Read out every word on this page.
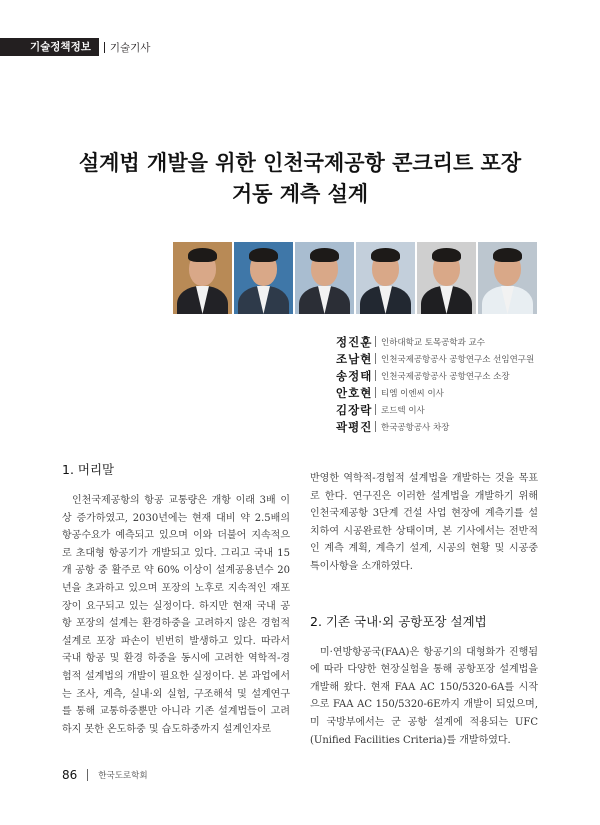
기술정책정보	기술기사
설계법 개발을 위한 인천국제공항 콘크리트 포장
거동 계측 설계
정진훈	인하대학교 토목공학과 교수
조남현	인천국제공항공사 공항연구소 선임연구원
송정태	인천국제공항공사 공항연구소 소장
안호현	티엠 이엔씨 이사
김장락	로드텍 이사
곽평진	한국공항공사 차장
1. 머리말

인천국제공항의 항공 교통량은 개항 이래 3배 이상 증가하였고, 2030년에는 현재 대비 약 2.5배의 항공수요가 예측되고 있으며 이와 더불어 지속적으로 초대형 항공기가 개발되고 있다. 그리고 국내 15개 공항 중 활주로 약 60% 이상이 설계공용년수 20년을 초과하고 있으며 포장의 노후로 지속적인 재포장이 요구되고 있는 실정이다. 하지만 현재 국내 공항 포장의 설계는 환경하중을 고려하지 않은 경험적 설계로 포장 파손이 빈번히 발생하고 있다. 따라서 국내 항공 및 환경 하중을 동시에 고려한 역학적-경험적 설계법의 개발이 필요한 실정이다. 본 과업에서는 조사, 계측, 실내·외 실험, 구조해석 및 설계연구를 통해 교통하중뿐만 아니라 기존 설계법들이 고려하지 못한 온도하중 및 습도하중까지 설계인자로

반영한 역학적-경험적 설계법을 개발하는 것을 목표로 한다. 연구진은 이러한 설계법을 개발하기 위해 인천국제공항 3단계 건설 사업 현장에 계측기를 설치하여 시공완료한 상태이며, 본 기사에서는 전반적인 계측 계획, 계측기 설계, 시공의 현황 및 시공중 특이사항을 소개하였다.

2. 기존 국내·외 공항포장 설계법

미·연방항공국(FAA)은 항공기의 대형화가 진행됨에 따라 다양한 현장실험을 통해 공항포장 설계법을 개발해 왔다. 현재 FAA AC 150/5320-6A를 시작으로 FAA AC 150/5320-6E까지 개발이 되었으며, 미 국방부에서는 군 공항 설계에 적용되는 UFC (Unified Facilities Criteria)를 개발하였다.

86 한국도로학회
